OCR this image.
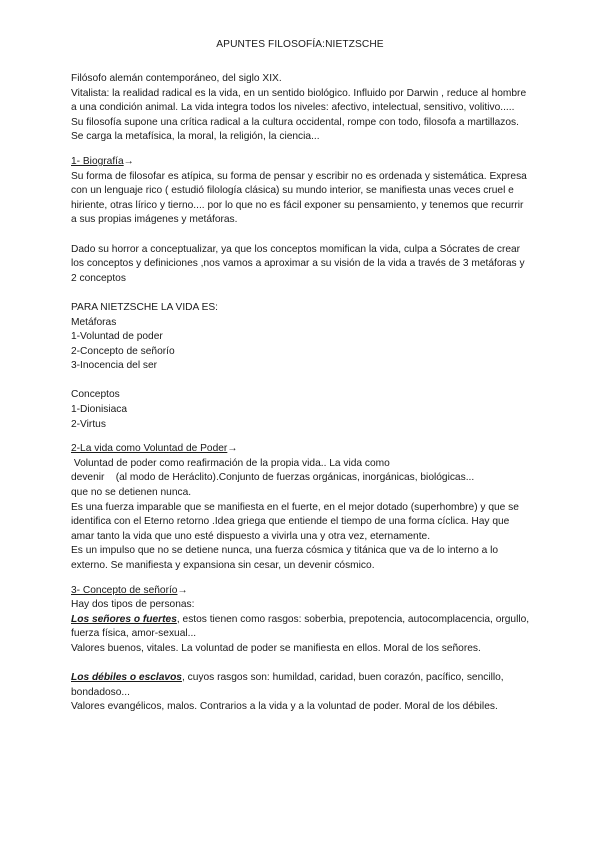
APUNTES FILOSOFÍA:NIETZSCHE

Filósofo alemán contemporáneo, del siglo XIX.

Vitalista: la realidad radical es la vida, en un sentido biológico. Influido por Darwin , reduce al hombre a una condición animal. La vida integra todos los niveles: afectivo, intelectual, sensitivo, volitivo.....

Su filosofía supone una crítica radical a la cultura occidental, rompe con todo, filosofa a martillazos. Se carga la metafísica, la moral, la religión, la ciencia...

1- Biografía→

Su forma de filosofar es atípica, su forma de pensar y escribir no es ordenada y sistemática. Expresa con un lenguaje rico ( estudió filología clásica) su mundo interior, se manifiesta unas veces cruel e hiriente, otras lírico y tierno.... por lo que no es fácil exponer su pensamiento, y tenemos que recurrir a sus propias imágenes y metáforas.

Dado su horror a conceptualizar, ya que los conceptos momifican la vida, culpa a Sócrates de crear los conceptos y definiciones ,nos vamos a aproximar a su visión de la vida a través de 3 metáforas y 2 conceptos

PARA NIETZSCHE LA VIDA ES:

Metáforas

1-Voluntad de poder

2-Concepto de señorío

3-Inocencia del ser

Conceptos

1-Dionisiaca

2-Virtus

2-La vida como Voluntad de Poder→

Voluntad de poder como reafirmación de la propia vida.. La vida como

devenir    (al modo de Heráclito).Conjunto de fuerzas orgánicas, inorgánicas, biológicas...

que no se detienen nunca.

Es una fuerza imparable que se manifiesta en el fuerte, en el mejor dotado (superhombre) y que se identifica con el Eterno retorno .Idea griega que entiende el tiempo de una forma cíclica. Hay que amar tanto la vida que uno esté dispuesto a vivirla una y otra vez, eternamente.

Es un impulso que no se detiene nunca, una fuerza cósmica y titánica que va de lo interno a lo externo. Se manifiesta y expansiona sin cesar, un devenir cósmico.

3- Concepto de señorío→

Hay dos tipos de personas:

Los señores o fuertes, estos tienen como rasgos: soberbia, prepotencia, autocomplacencia, orgullo, fuerza física, amor-sexual...

Valores buenos, vitales. La voluntad de poder se manifiesta en ellos. Moral de los señores.

Los débiles o esclavos, cuyos rasgos son: humildad, caridad, buen corazón, pacífico, sencillo, bondadoso...

Valores evangélicos, malos. Contrarios a la vida y a la voluntad de poder. Moral de los débiles.
